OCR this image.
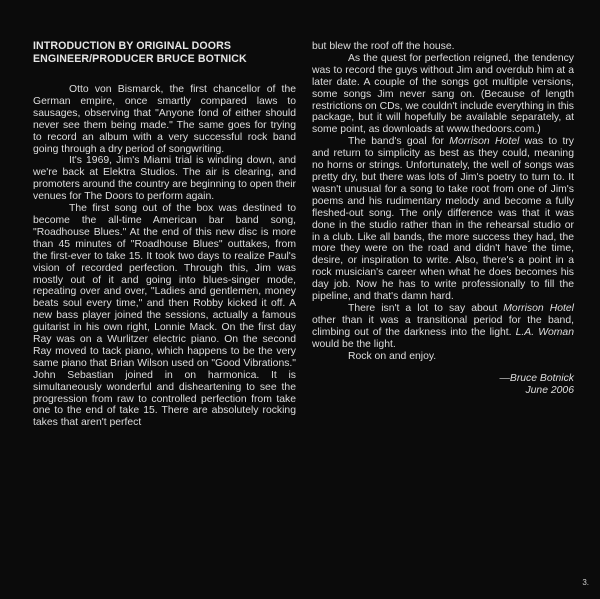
INTRODUCTION BY ORIGINAL DOORS
ENGINEER/PRODUCER BRUCE BOTNICK

Otto von Bismarck, the first chancellor of the German empire, once smartly compared laws to sausages, observing that "Anyone fond of either should never see them being made." The same goes for trying to record an album with a very successful rock band going through a dry period of songwriting.

It's 1969, Jim's Miami trial is winding down, and we're back at Elektra Studios. The air is clearing, and promoters around the country are beginning to open their venues for The Doors to perform again.

The first song out of the box was destined to become the all-time American bar band song, "Roadhouse Blues." At the end of this new disc is more than 45 minutes of "Roadhouse Blues" outtakes, from the first-ever to take 15. It took two days to realize Paul's vision of recorded perfection. Through this, Jim was mostly out of it and going into blues-singer mode, repeating over and over, "Ladies and gentlemen, money beats soul every time," and then Robby kicked it off. A new bass player joined the sessions, actually a famous guitarist in his own right, Lonnie Mack. On the first day Ray was on a Wurlitzer electric piano. On the second Ray moved to tack piano, which happens to be the very same piano that Brian Wilson used on "Good Vibrations." John Sebastian joined in on harmonica. It is simultaneously wonderful and disheartening to see the progression from raw to controlled perfection from take one to the end of take 15. There are absolutely rocking takes that aren't perfect

but blew the roof off the house.

As the quest for perfection reigned, the tendency was to record the guys without Jim and overdub him at a later date. A couple of the songs got multiple versions, some songs Jim never sang on. (Because of length restrictions on CDs, we couldn't include everything in this package, but it will hopefully be available separately, at some point, as downloads at www.thedoors.com.)

The band's goal for Morrison Hotel was to try and return to simplicity as best as they could, meaning no horns or strings. Unfortunately, the well of songs was pretty dry, but there was lots of Jim's poetry to turn to. It wasn't unusual for a song to take root from one of Jim's poems and his rudimentary melody and become a fully fleshed-out song. The only difference was that it was done in the studio rather than in the rehearsal studio or in a club. Like all bands, the more success they had, the more they were on the road and didn't have the time, desire, or inspiration to write. Also, there's a point in a rock musician's career when what he does becomes his day job. Now he has to write professionally to fill the pipeline, and that's damn hard.

There isn't a lot to say about Morrison Hotel other than it was a transitional period for the band, climbing out of the darkness into the light. L.A. Woman would be the light.

Rock on and enjoy.

—Bruce Botnick
June 2006
3.
